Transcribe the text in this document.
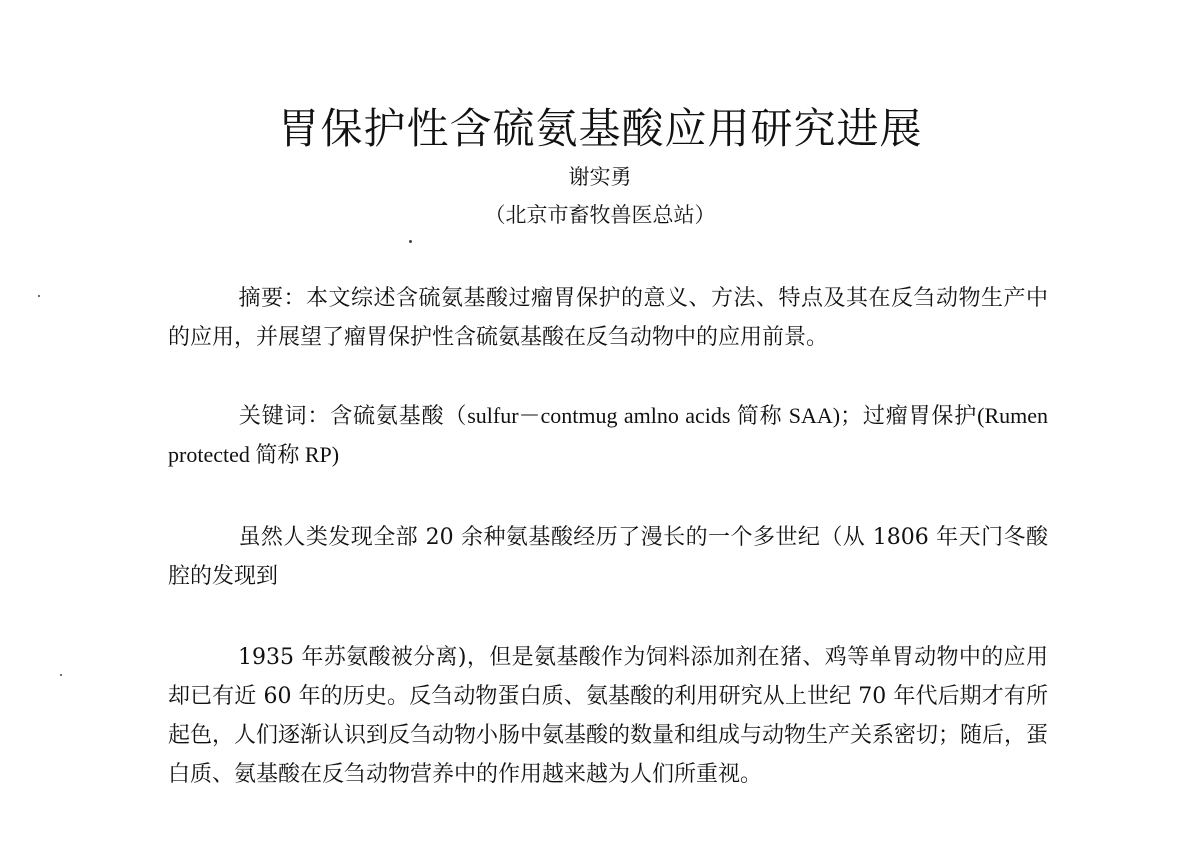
胃保护性含硫氨基酸应用研究进展
谢实勇
（北京市畜牧兽医总站）
摘要：本文综述含硫氨基酸过瘤胃保护的意义、方法、特点及其在反刍动物生产中的应用，并展望了瘤胃保护性含硫氨基酸在反刍动物中的应用前景。
关键词：含硫氨基酸（sulfur－contmug amlno acids 简称 SAA)；过瘤胃保护(Rumen protected 简称 RP)
虽然人类发现全部 20 余种氨基酸经历了漫长的一个多世纪（从 1806 年天门冬酸腔的发现到
1935 年苏氨酸被分离)，但是氨基酸作为饲料添加剂在猪、鸡等单胃动物中的应用却已有近 60 年的历史。反刍动物蛋白质、氨基酸的利用研究从上世纪 70 年代后期才有所起色，人们逐渐认识到反刍动物小肠中氨基酸的数量和组成与动物生产关系密切；随后，蛋白质、氨基酸在反刍动物营养中的作用越来越为人们所重视。
